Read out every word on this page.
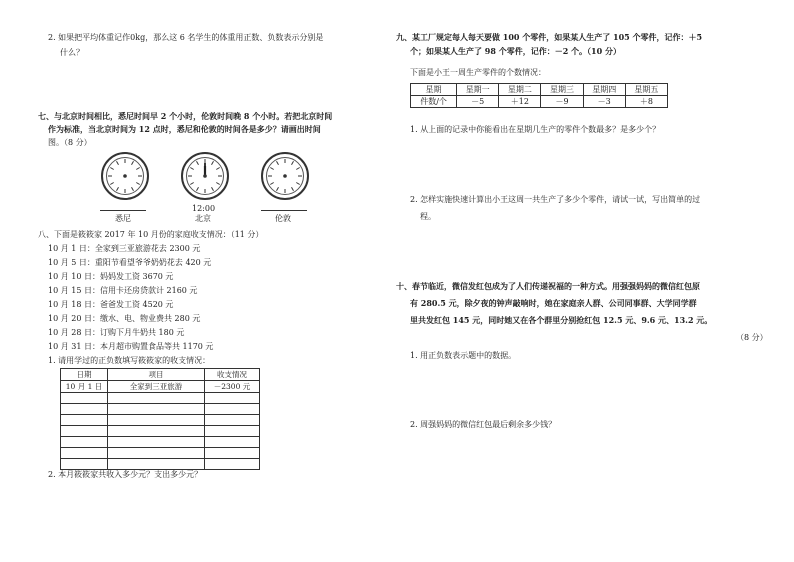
2. 如果把平均体重记作0kg，那么这 6 名学生的体重用正数、负数表示分别是
什么？
七、与北京时间相比，悉尼时间早 2 个小时，伦敦时间晚 8 个小时。若把北京时间
作为标准，当北京时间为 12 点时，悉尼和伦敦的时间各是多少？请画出时间
图。（8 分）
12:00
悉尼	北京	伦敦
八、下面是筱筱家 2017 年 10 月份的家庭收支情况：（11 分）
10 月 1 日：全家到三亚旅游花去 2300 元
10 月 5 日：重阳节看望爷爷奶奶花去 420 元
10 月 10 日：妈妈发工资 3670 元
10 月 15 日：信用卡还房贷款计 2160 元
10 月 18 日：爸爸发工资 4520 元
10 月 20 日：缴水、电、物业费共 280 元
10 月 28 日：订购下月牛奶共 180 元
10 月 31 日：本月超市购置食品等共 1170 元
1. 请用学过的正负数填写筱筱家的收支情况：
日期	项目	收支情况
10 月 1 日	全家到三亚旅游	－2300 元

2. 本月筱筱家共收入多少元？支出多少元？
九、某工厂规定每人每天要做 100 个零件，如果某人生产了 105 个零件，记作：＋5
个；如果某人生产了 98 个零件，记作：－2 个。（10 分）
下面是小王一周生产零件的个数情况：
星期	星期一	星期二	星期三	星期四	星期五
件数/个	－5	＋12	－9	－3	＋8
1. 从上面的记录中你能看出在星期几生产的零件个数最多？是多少个？
2. 怎样实施快速计算出小王这周一共生产了多少个零件，请试一试，写出简单的过
程。
十、春节临近，微信发红包成为了人们传递祝福的一种方式。用强强妈妈的微信红包原
有 280.5 元，除夕夜的钟声敲响时，她在家庭亲人群、公司同事群、大学同学群
里共发红包 145 元，同时她又在各个群里分别抢红包 12.5 元、9.6 元、13.2 元。
（8 分）
1. 用正负数表示题中的数据。
2. 周强妈妈的微信红包最后剩余多少钱？
